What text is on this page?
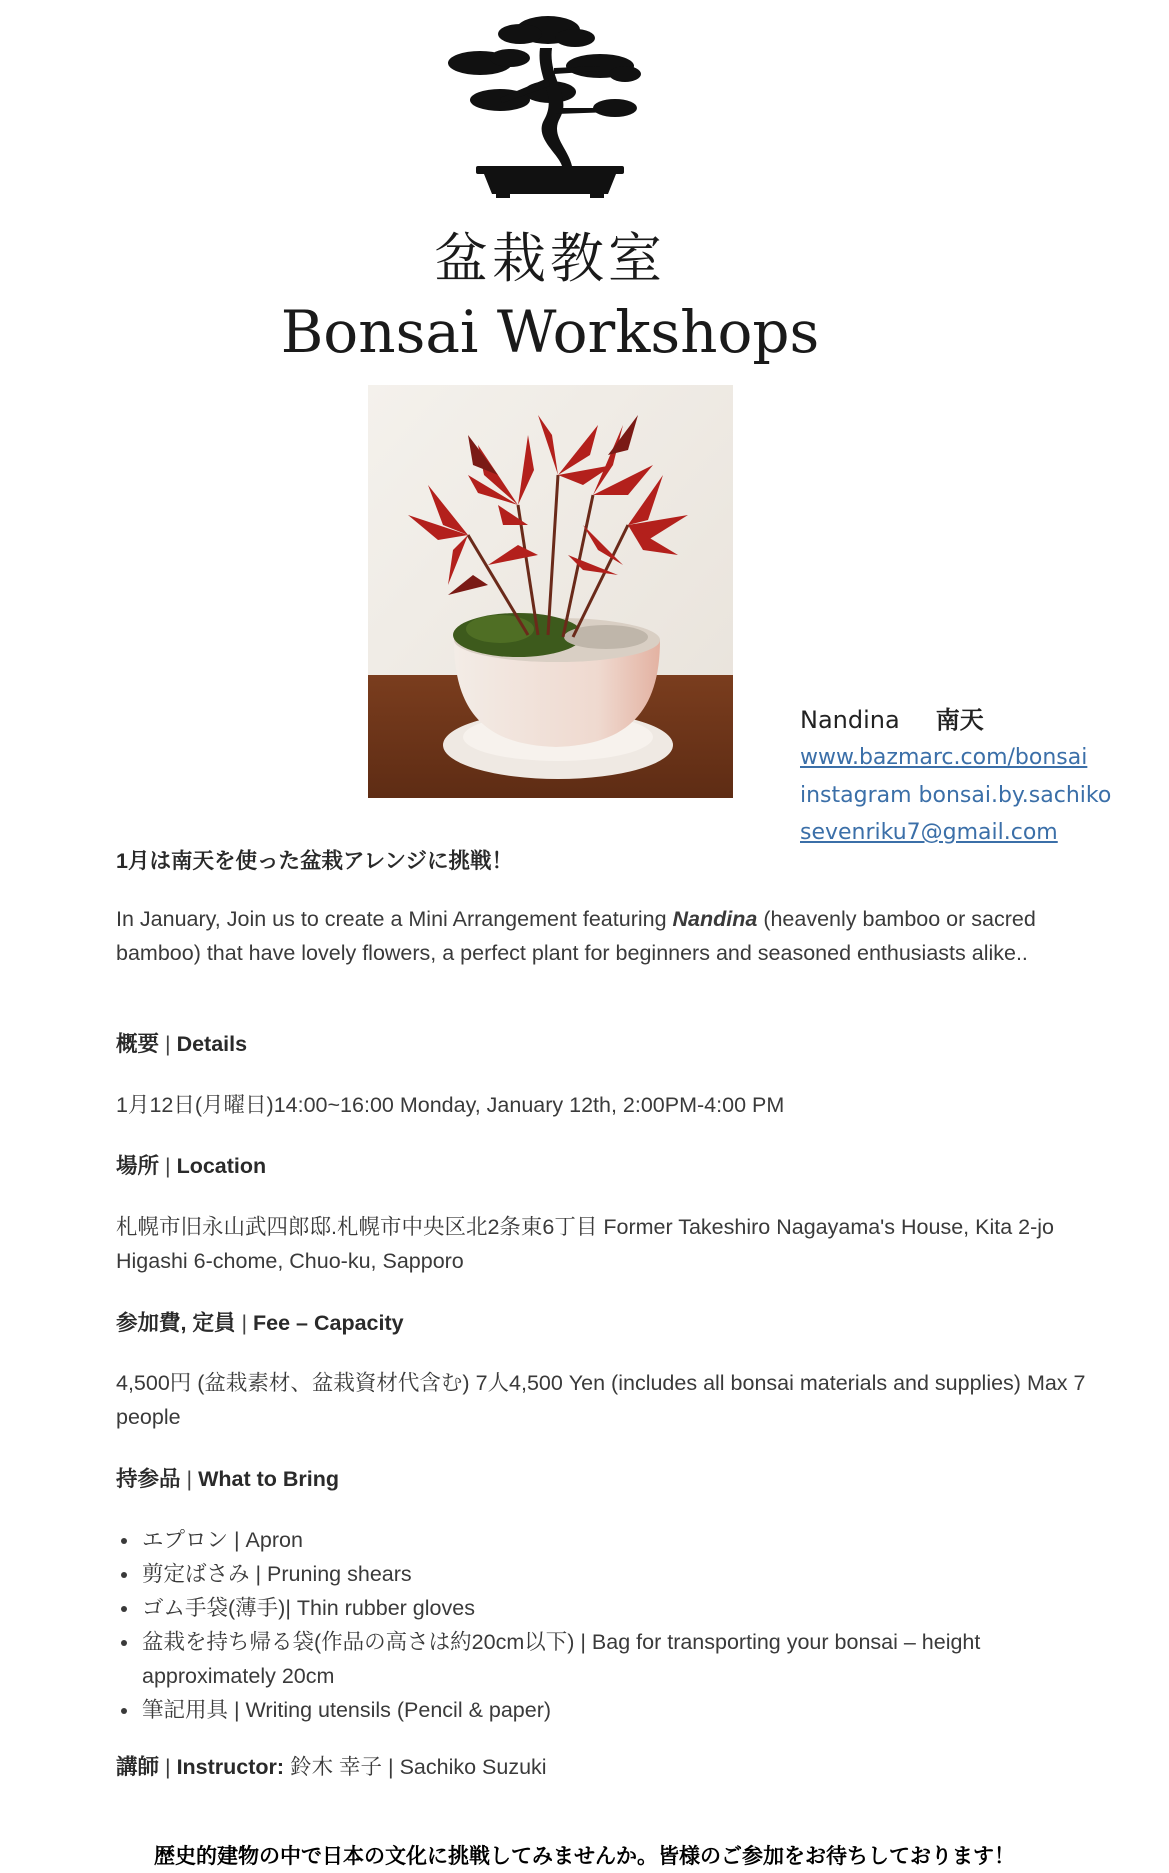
盆栽教室
Bonsai Workshops
Nandina 南天
www.bazmarc.com/bonsai
instagram bonsai.by.sachiko
sevenriku7@gmail.com
1月は南天を使った盆栽アレンジに挑戦！
In January, Join us to create a Mini Arrangement featuring Nandina (heavenly bamboo or sacred bamboo) that have lovely flowers, a perfect plant for beginners and seasoned enthusiasts alike..
概要 | Details
1月12日(月曜日)14:00~16:00 Monday, January 12th, 2:00PM-4:00 PM
場所 | Location
札幌市旧永山武四郎邸.札幌市中央区北2条東6丁目 Former Takeshiro Nagayama's House, Kita 2-jo Higashi 6-chome, Chuo-ku, Sapporo
参加費, 定員 | Fee – Capacity
4,500円 (盆栽素材、盆栽資材代含む) 7人4,500 Yen (includes all bonsai materials and supplies) Max 7 people
持参品 | What to Bring
• エプロン | Apron
• 剪定ばさみ | Pruning shears
• ゴム手袋(薄手)| Thin rubber gloves
• 盆栽を持ち帰る袋(作品の高さは約20cm以下) | Bag for transporting your bonsai – height approximately 20cm
• 筆記用具 | Writing utensils (Pencil & paper)
講師 | Instructor: 鈴木 幸子 | Sachiko Suzuki
歴史的建物の中で日本の文化に挑戦してみませんか。皆様のご参加をお待ちしております！
